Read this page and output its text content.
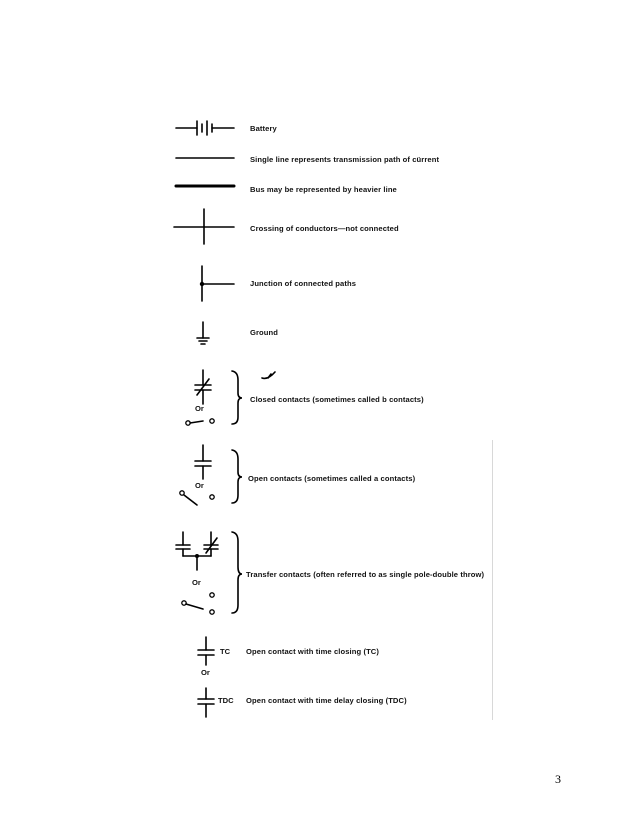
Battery
Single line represents transmission path of cürrent
Bus may be represented by heavier line
Crossing of conductors—not connected
Junction of connected paths
Ground
Closed contacts (sometimes called b contacts)
Open contacts (sometimes called a contacts)
Transfer contacts (often referred to as single pole-double throw)
TC Open contact with time closing (TC)
TDC Open contact with time delay closing (TDC)
Or
Or
Or
Or
3
